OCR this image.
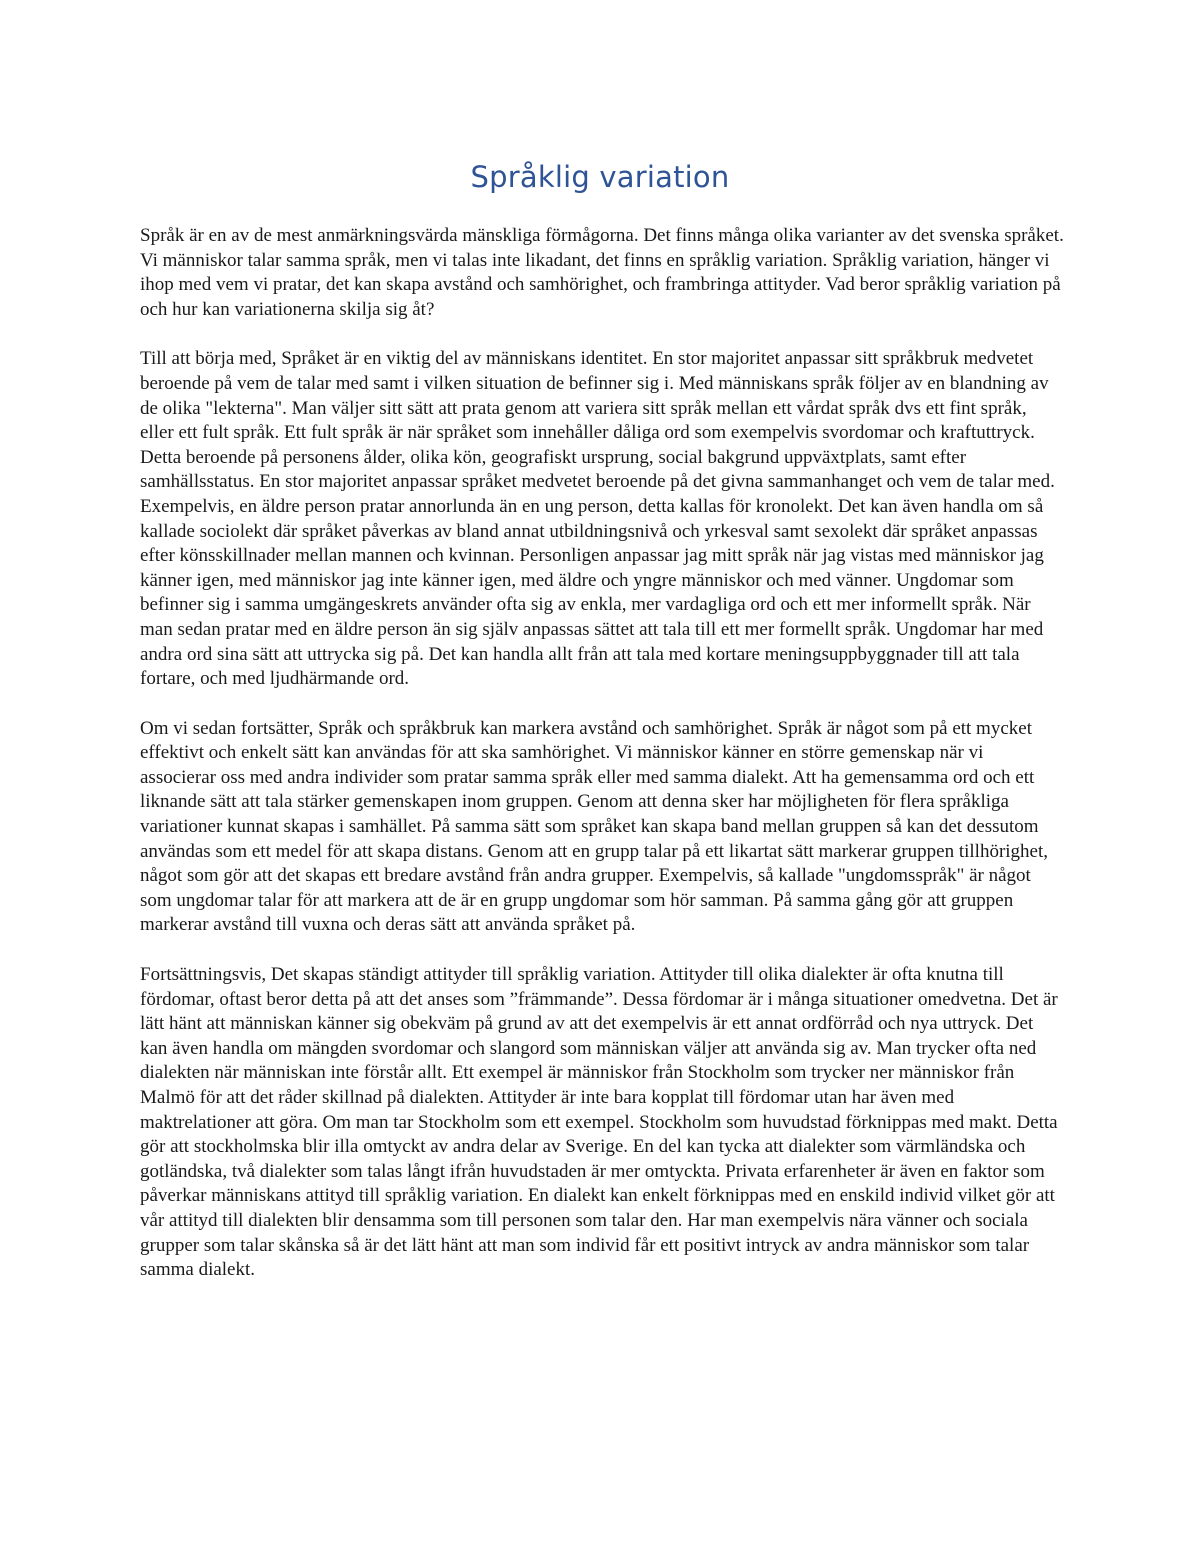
Språklig variation

Språk är en av de mest anmärkningsvärda mänskliga förmågorna. Det finns många olika varianter av det svenska språket. Vi människor talar samma språk, men vi talas inte likadant, det finns en språklig variation. Språklig variation, hänger vi ihop med vem vi pratar, det kan skapa avstånd och samhörighet, och frambringa attityder. Vad beror språklig variation på och hur kan variationerna skilja sig åt?

Till att börja med, Språket är en viktig del av människans identitet. En stor majoritet anpassar sitt språkbruk medvetet beroende på vem de talar med samt i vilken situation de befinner sig i. Med människans språk följer av en blandning av de olika "lekterna". Man väljer sitt sätt att prata genom att variera sitt språk mellan ett vårdat språk dvs ett fint språk, eller ett fult språk. Ett fult språk är när språket som innehåller dåliga ord som exempelvis svordomar och kraftuttryck. Detta beroende på personens ålder, olika kön, geografiskt ursprung, social bakgrund uppväxtplats, samt efter samhällsstatus. En stor majoritet anpassar språket medvetet beroende på det givna sammanhanget och vem de talar med. Exempelvis, en äldre person pratar annorlunda än en ung person, detta kallas för kronolekt. Det kan även handla om så kallade sociolekt där språket påverkas av bland annat utbildningsnivå och yrkesval samt sexolekt där språket anpassas efter könsskillnader mellan mannen och kvinnan. Personligen anpassar jag mitt språk när jag vistas med människor jag känner igen, med människor jag inte känner igen, med äldre och yngre människor och med vänner. Ungdomar som befinner sig i samma umgängeskrets använder ofta sig av enkla, mer vardagliga ord och ett mer informellt språk. När man sedan pratar med en äldre person än sig själv anpassas sättet att tala till ett mer formellt språk. Ungdomar har med andra ord sina sätt att uttrycka sig på. Det kan handla allt från att tala med kortare meningsuppbyggnader till att tala fortare, och med ljudhärmande ord.

Om vi sedan fortsätter, Språk och språkbruk kan markera avstånd och samhörighet. Språk är något som på ett mycket effektivt och enkelt sätt kan användas för att ska samhörighet. Vi människor känner en större gemenskap när vi associerar oss med andra individer som pratar samma språk eller med samma dialekt. Att ha gemensamma ord och ett liknande sätt att tala stärker gemenskapen inom gruppen. Genom att denna sker har möjligheten för flera språkliga variationer kunnat skapas i samhället. På samma sätt som språket kan skapa band mellan gruppen så kan det dessutom användas som ett medel för att skapa distans. Genom att en grupp talar på ett likartat sätt markerar gruppen tillhörighet, något som gör att det skapas ett bredare avstånd från andra grupper. Exempelvis, så kallade "ungdomsspråk" är något som ungdomar talar för att markera att de är en grupp ungdomar som hör samman. På samma gång gör att gruppen markerar avstånd till vuxna och deras sätt att använda språket på.

Fortsättningsvis, Det skapas ständigt attityder till språklig variation. Attityder till olika dialekter är ofta knutna till fördomar, oftast beror detta på att det anses som ”främmande”. Dessa fördomar är i många situationer omedvetna. Det är lätt hänt att människan känner sig obekväm på grund av att det exempelvis är ett annat ordförråd och nya uttryck. Det kan även handla om mängden svordomar och slangord som människan väljer att använda sig av. Man trycker ofta ned dialekten när människan inte förstår allt. Ett exempel är människor från Stockholm som trycker ner människor från Malmö för att det råder skillnad på dialekten. Attityder är inte bara kopplat till fördomar utan har även med maktrelationer att göra. Om man tar Stockholm som ett exempel. Stockholm som huvudstad förknippas med makt. Detta gör att stockholmska blir illa omtyckt av andra delar av Sverige. En del kan tycka att dialekter som värmländska och gotländska, två dialekter som talas långt ifrån huvudstaden är mer omtyckta. Privata erfarenheter är även en faktor som påverkar människans attityd till språklig variation. En dialekt kan enkelt förknippas med en enskild individ vilket gör att vår attityd till dialekten blir densamma som till personen som talar den. Har man exempelvis nära vänner och sociala grupper som talar skånska så är det lätt hänt att man som individ får ett positivt intryck av andra människor som talar samma dialekt.
